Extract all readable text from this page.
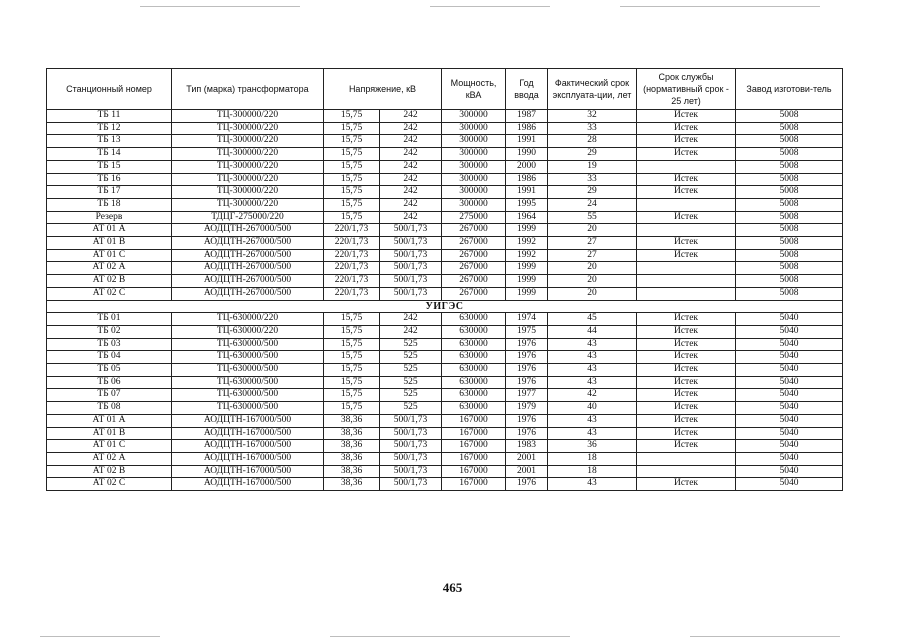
Станционный номер	Тип (марка) трансформатора	Напряжение, кВ		Мощность, кВА	Год ввода	Фактический срок эксплуата-ции, лет	Срок службы (нормативный срок - 25 лет)	Завод изготови-тель
ТБ 11	ТЦ-300000/220	15,75	242	300000	1987	32	Истек	5008
ТБ 12	ТЦ-300000/220	15,75	242	300000	1986	33	Истек	5008
ТБ 13	ТЦ-300000/220	15,75	242	300000	1991	28	Истек	5008
ТБ 14	ТЦ-300000/220	15,75	242	300000	1990	29	Истек	5008
ТБ 15	ТЦ-300000/220	15,75	242	300000	2000	19		5008
ТБ 16	ТЦ-300000/220	15,75	242	300000	1986	33	Истек	5008
ТБ 17	ТЦ-300000/220	15,75	242	300000	1991	29	Истек	5008
ТБ 18	ТЦ-300000/220	15,75	242	300000	1995	24		5008
Резерв	ТДЦГ-275000/220	15,75	242	275000	1964	55	Истек	5008
АТ 01 А	АОДЦТН-267000/500	220/1,73	500/1,73	267000	1999	20		5008
АТ 01 В	АОДЦТН-267000/500	220/1,73	500/1,73	267000	1992	27	Истек	5008
АТ 01 С	АОДЦТН-267000/500	220/1,73	500/1,73	267000	1992	27	Истек	5008
АТ 02 А	АОДЦТН-267000/500	220/1,73	500/1,73	267000	1999	20		5008
АТ 02 В	АОДЦТН-267000/500	220/1,73	500/1,73	267000	1999	20		5008
АТ 02 С	АОДЦТН-267000/500	220/1,73	500/1,73	267000	1999	20		5008
УИГЭС								
ТБ 01	ТЦ-630000/220	15,75	242	630000	1974	45	Истек	5040
ТБ 02	ТЦ-630000/220	15,75	242	630000	1975	44	Истек	5040
ТБ 03	ТЦ-630000/500	15,75	525	630000	1976	43	Истек	5040
ТБ 04	ТЦ-630000/500	15,75	525	630000	1976	43	Истек	5040
ТБ 05	ТЦ-630000/500	15,75	525	630000	1976	43	Истек	5040
ТБ 06	ТЦ-630000/500	15,75	525	630000	1976	43	Истек	5040
ТБ 07	ТЦ-630000/500	15,75	525	630000	1977	42	Истек	5040
ТБ 08	ТЦ-630000/500	15,75	525	630000	1979	40	Истек	5040
АТ 01 А	АОДЦТН-167000/500	38,36	500/1,73	167000	1976	43	Истек	5040
АТ 01 В	АОДЦТН-167000/500	38,36	500/1,73	167000	1976	43	Истек	5040
АТ 01 С	АОДЦТН-167000/500	38,36	500/1,73	167000	1983	36	Истек	5040
АТ 02 А	АОДЦТН-167000/500	38,36	500/1,73	167000	2001	18		5040
АТ 02 В	АОДЦТН-167000/500	38,36	500/1,73	167000	2001	18		5040
АТ 02 С	АОДЦТН-167000/500	38,36	500/1,73	167000	1976	43	Истек	5040
465
